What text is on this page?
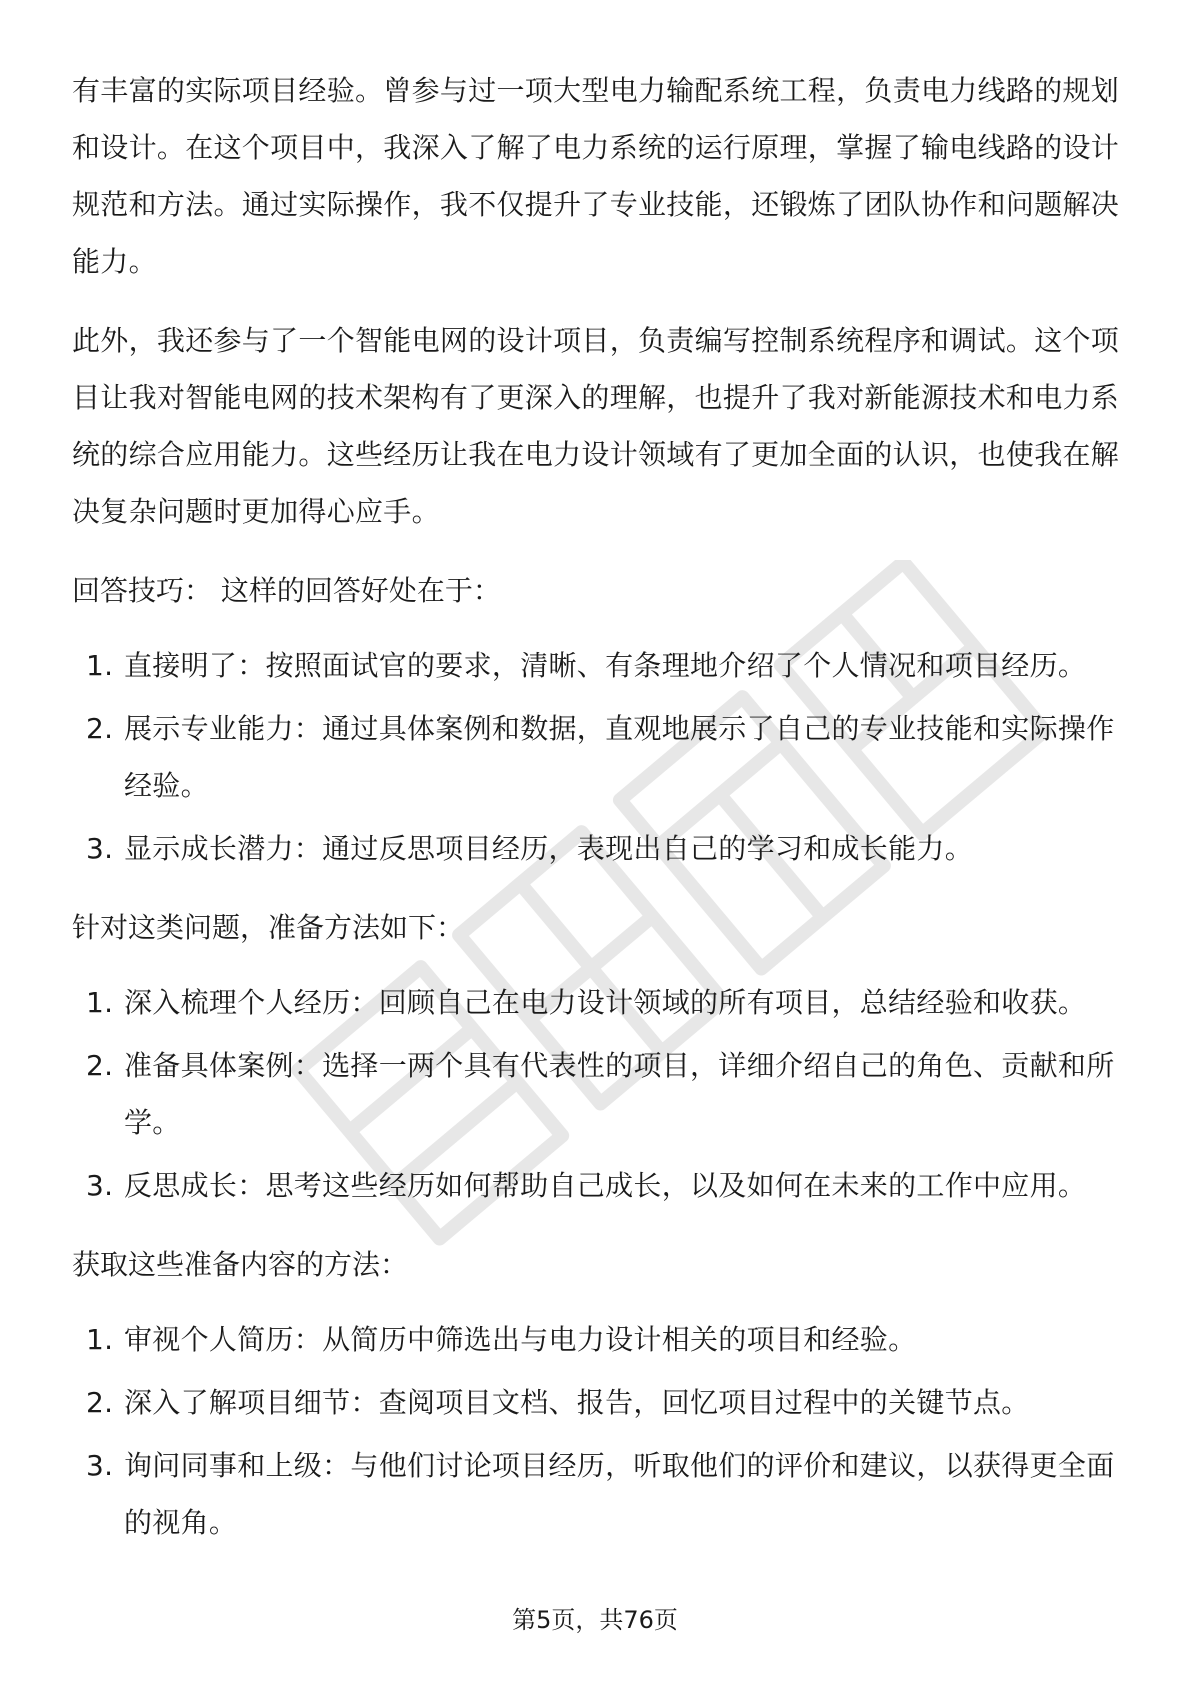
有丰富的实际项目经验。曾参与过一项大型电力输配系统工程，负责电力线路的规划和设计。在这个项目中，我深入了解了电力系统的运行原理，掌握了输电线路的设计规范和方法。通过实际操作，我不仅提升了专业技能，还锻炼了团队协作和问题解决能力。

此外，我还参与了一个智能电网的设计项目，负责编写控制系统程序和调试。这个项目让我对智能电网的技术架构有了更深入的理解，也提升了我对新能源技术和电力系统的综合应用能力。这些经历让我在电力设计领域有了更加全面的认识，也使我在解决复杂问题时更加得心应手。

回答技巧： 这样的回答好处在于：
1. 直接明了：按照面试官的要求，清晰、有条理地介绍了个人情况和项目经历。
2. 展示专业能力：通过具体案例和数据，直观地展示了自己的专业技能和实际操作经验。
3. 显示成长潜力：通过反思项目经历，表现出自己的学习和成长能力。
针对这类问题，准备方法如下：
1. 深入梳理个人经历：回顾自己在电力设计领域的所有项目，总结经验和收获。
2. 准备具体案例：选择一两个具有代表性的项目，详细介绍自己的角色、贡献和所学。
3. 反思成长：思考这些经历如何帮助自己成长，以及如何在未来的工作中应用。
获取这些准备内容的方法：
1. 审视个人简历：从简历中筛选出与电力设计相关的项目和经验。
2. 深入了解项目细节：查阅项目文档、报告，回忆项目过程中的关键节点。
3. 询问同事和上级：与他们讨论项目经历，听取他们的评价和建议，以获得更全面的视角。
第5页，共76页
